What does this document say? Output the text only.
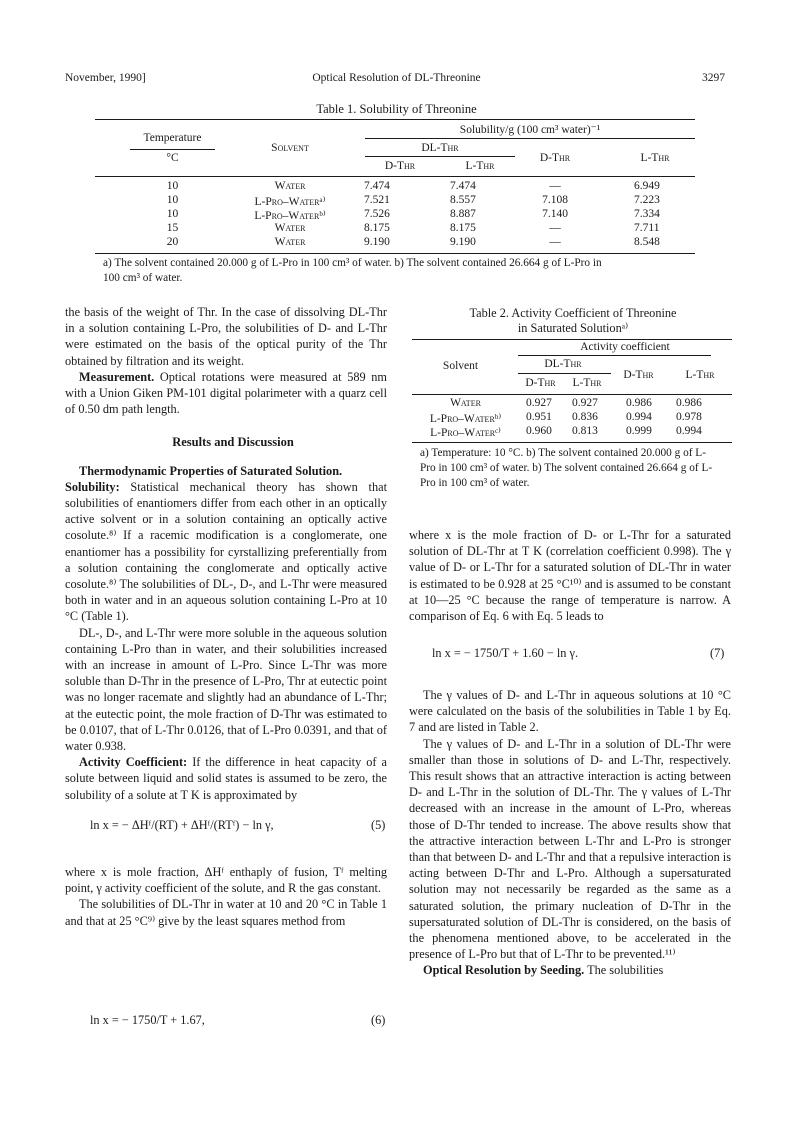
November, 1990]	Optical Resolution of DL-Threonine	3297
Table 1. Solubility of Threonine
Solubility/g (100 cm³ water)⁻¹
Temperature
°C
Solvent	DL-Thr
D-Thr	L-Thr
D-Thr	L-Thr
10	Water	7.474	7.474	—	6.949
10	L-Pro–Waterᵃ⁾	7.521	8.557	7.108	7.223
10	L-Pro–Waterᵇ⁾	7.526	8.887	7.140	7.334
15	Water	8.175	8.175	—	7.711
20	Water	9.190	9.190	—	8.548
a) The solvent contained 20.000 g of L-Pro in 100 cm³ of water. b) The solvent contained 26.664 g of L-Pro in
100 cm³ of water.
Table 2. Activity Coefficient of Threonine
in Saturated Solutionᵃ⁾
Activity coefficient
Solvent	DL-Thr
D-Thr	L-Thr
D-Thr	L-Thr
Water	0.927 0.927 0.986 0.986
L-Pro–Waterᵇ⁾	0.951 0.836 0.994 0.978
L-Pro–Waterᶜ⁾	0.960 0.813 0.999 0.994
a) Temperature: 10 °C. b) The solvent contained 20.000 g of L-Pro in 100 cm³ of water. b) The solvent contained 26.664 g of L-Pro in 100 cm³ of water.

the basis of the weight of Thr. In the case of dissolving DL-Thr in a solution containing L-Pro, the solubilities of D- and L-Thr were estimated on the basis of the optical purity of the Thr obtained by filtration and its weight.

Measurement. Optical rotations were measured at 589 nm with a Union Giken PM-101 digital polarimeter with a quarz cell of 0.50 dm path length.

Results and Discussion

Thermodynamic Properties of Saturated Solution.

Solubility: Statistical mechanical theory has shown that solubilities of enantiomers differ from each other in an optically active solvent or in a solution containing an optically active cosolute.⁸⁾ If a racemic modification is a conglomerate, one enantiomer has a possibility for cyrstallizing preferentially from a solution containing the conglomerate and optically active cosolute.⁸⁾ The solubilities of DL-, D-, and L-Thr were measured both in water and in an aqueous solution containing L-Pro at 10 °C (Table 1).

DL-, D-, and L-Thr were more soluble in the aqueous solution containing L-Pro than in water, and their solubilities increased with an increase in amount of L-Pro. Since L-Thr was more soluble than D-Thr in the presence of L-Pro, Thr at eutectic point was no longer racemate and slightly had an abundance of L-Thr; at the eutectic point, the mole fraction of D-Thr was estimated to be 0.0107, that of L-Thr 0.0126, that of L-Pro 0.0391, and that of water 0.938.

Activity Coefficient: If the difference in heat capacity of a solute between liquid and solid states is assumed to be zero, the solubility of a solute at T K is approximated by

ln x = − ΔHᶠ/(RT) + ΔHᶠ/(RTᶠ) − ln γ,	(5)

where x is mole fraction, ΔHᶠ enthaply of fusion, Tᶠ melting point, γ activity coefficient of the solute, and R the gas constant.

The solubilities of DL-Thr in water at 10 and 20 °C in Table 1 and that at 25 °C⁹⁾ give by the least squares method from

ln x = − 1750/T + 1.67,	(6)

where x is the mole fraction of D- or L-Thr for a saturated solution of DL-Thr at T K (correlation coefficient 0.998). The γ value of D- or L-Thr for a saturated solution of DL-Thr in water is estimated to be 0.928 at 25 °C¹⁰⁾ and is assumed to be constant at 10—25 °C because the range of temperature is narrow. A comparison of Eq. 6 with Eq. 5 leads to

ln x = − 1750/T + 1.60 − ln γ.	(7)

The γ values of D- and L-Thr in aqueous solutions at 10 °C were calculated on the basis of the solubilities in Table 1 by Eq. 7 and are listed in Table 2.

The γ values of D- and L-Thr in a solution of DL-Thr were smaller than those in solutions of D- and L-Thr, respectively. This result shows that an attractive interaction is acting between D- and L-Thr in the solution of DL-Thr. The γ values of L-Thr decreased with an increase in the amount of L-Pro, whereas those of D-Thr tended to increase. The above results show that the attractive interaction between L-Thr and L-Pro is stronger than that between D- and L-Thr and that a repulsive interaction is acting between D-Thr and L-Pro. Although a supersaturated solution may not necessarily be regarded as the same as a saturated solution, the primary nucleation of D-Thr in the supersaturated solution of DL-Thr is considered, on the basis of the phenomena mentioned above, to be accelerated in the presence of L-Pro but that of L-Thr to be prevented.¹¹⁾

Optical Resolution by Seeding. The solubilities
